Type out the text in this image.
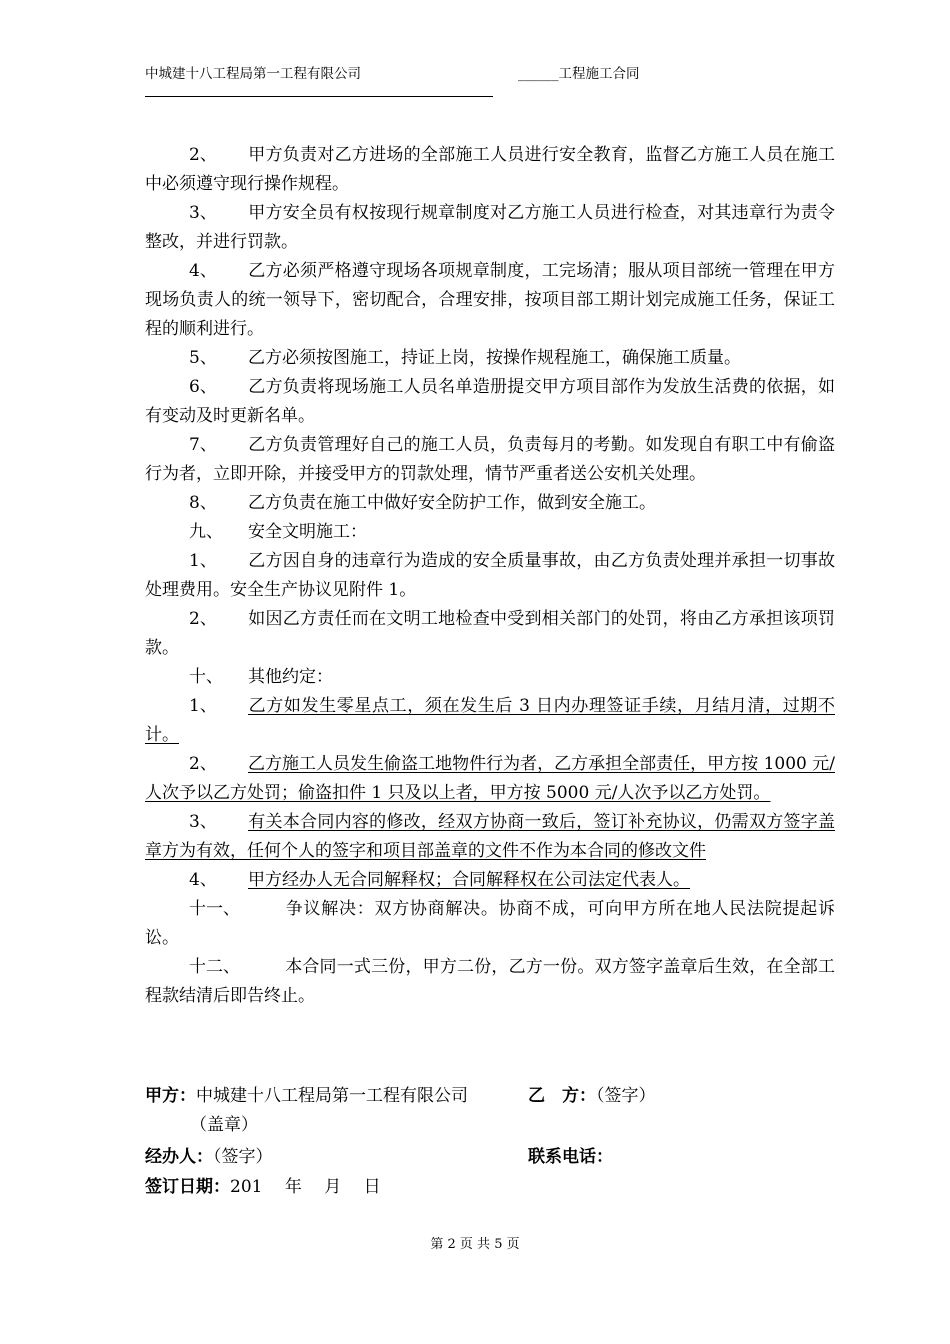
中城建十八工程局第一工程有限公司	______工程施工合同

2、 甲方负责对乙方进场的全部施工人员进行安全教育，监督乙方施工人员在施工中必须遵守现行操作规程。

3、 甲方安全员有权按现行规章制度对乙方施工人员进行检查，对其违章行为责令整改，并进行罚款。

4、 乙方必须严格遵守现场各项规章制度，工完场清；服从项目部统一管理在甲方现场负责人的统一领导下，密切配合，合理安排，按项目部工期计划完成施工任务，保证工程的顺利进行。

5、 乙方必须按图施工，持证上岗，按操作规程施工，确保施工质量。

6、 乙方负责将现场施工人员名单造册提交甲方项目部作为发放生活费的依据，如有变动及时更新名单。

7、 乙方负责管理好自己的施工人员，负责每月的考勤。如发现自有职工中有偷盗行为者，立即开除，并接受甲方的罚款处理，情节严重者送公安机关处理。

8、 乙方负责在施工中做好安全防护工作，做到安全施工。

九、 安全文明施工：

1、 乙方因自身的违章行为造成的安全质量事故，由乙方负责处理并承担一切事故处理费用。安全生产协议见附件 1。

2、 如因乙方责任而在文明工地检查中受到相关部门的处罚，将由乙方承担该项罚款。

十、 其他约定：

1、 乙方如发生零星点工，须在发生后 3 日内办理签证手续，月结月清，过期不计。

2、 乙方施工人员发生偷盗工地物件行为者，乙方承担全部责任，甲方按 1000 元/人次予以乙方处罚；偷盗扣件 1 只及以上者，甲方按 5000 元/人次予以乙方处罚。

3、 有关本合同内容的修改，经双方协商一致后，签订补充协议，仍需双方签字盖章方为有效，任何个人的签字和项目部盖章的文件不作为本合同的修改文件

4、 甲方经办人无合同解释权；合同解释权在公司法定代表人。

十一、	争议解决：双方协商解决。协商不成，可向甲方所在地人民法院提起诉讼。

十二、	本合同一式三份，甲方二份，乙方一份。双方签字盖章后生效，在全部工程款结清后即告终止。

甲方：中城建十八工程局第一工程有限公司	乙　方：（签字）
（盖章）
经办人：（签字）	联系电话：
签订日期：201　 年　 月　 日
第 2 页 共 5 页
